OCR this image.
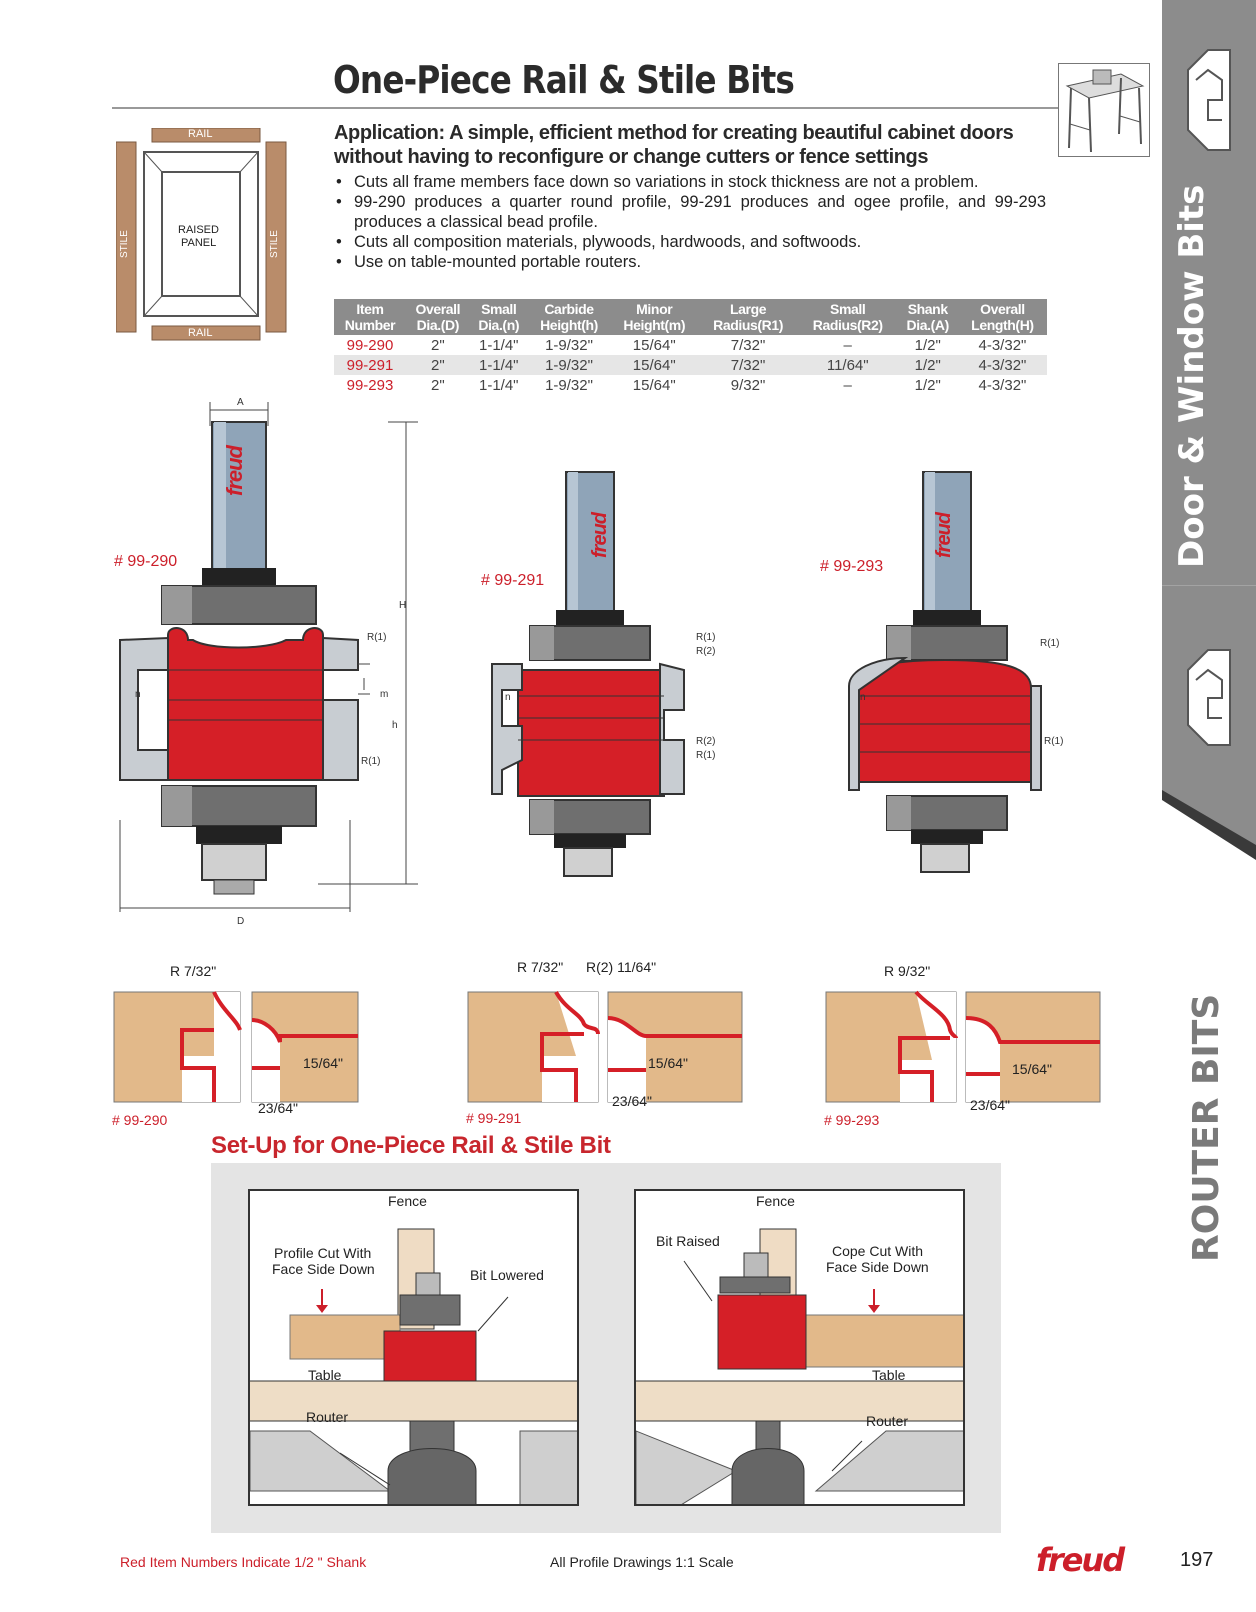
One-Piece Rail & Stile Bits
Door & Window Bits
ROUTER BITS
RAIL
RAIL
STILE	STILE
RAISED
PANEL
Application: A simple, efficient method for creating beautiful cabinet doors without having to reconfigure or change cutters or fence settings
• Cuts all frame members face down so variations in stock thickness are not a problem.
• 99-290 produces a quarter round profile, 99-291 produces and ogee profile, and 99-293 produces a classical bead profile.
• Cuts all composition materials, plywoods, hardwoods, and softwoods.
• Use on table-mounted portable routers.
Item
Number	Overall
Dia.(D)	Small
Dia.(n)	Carbide
Height(h)	Minor
Height(m)	Large
Radius(R1)	Small
Radius(R2)	Shank
Dia.(A)	Overall
Length(H)
99-290	2"	1-1/4"	1-9/32"	15/64"	7/32"	–	1/2"	4-3/32"
99-291	2"	1-1/4"	1-9/32"	15/64"	7/32"	11/64"	1/2"	4-3/32"
99-293	2"	1-1/4"	1-9/32"	15/64"	9/32"	–	1/2"	4-3/32"
# 99-290
freud
A
D
H
h
m
n
R(1)
R(1)
# 99-291
freud
R(1)
R(2)
R(2)
R(1)
n
# 99-293
freud
R(1)
R(1)
n
R 7/32"
15/64"
23/64"
# 99-290
R 7/32" R(2) 11/64"
15/64"
23/64"
# 99-291
R 9/32"
15/64"
23/64"
# 99-293
Set-Up for One-Piece Rail & Stile Bit
Fence
Profile Cut With
Face Side Down	Bit Lowered
Table
Router
Fence
Bit Raised
Cope Cut With
Face Side Down
Table
Router
Red Item Numbers Indicate 1/2 " Shank	All Profile Drawings 1:1 Scale	freud	197
